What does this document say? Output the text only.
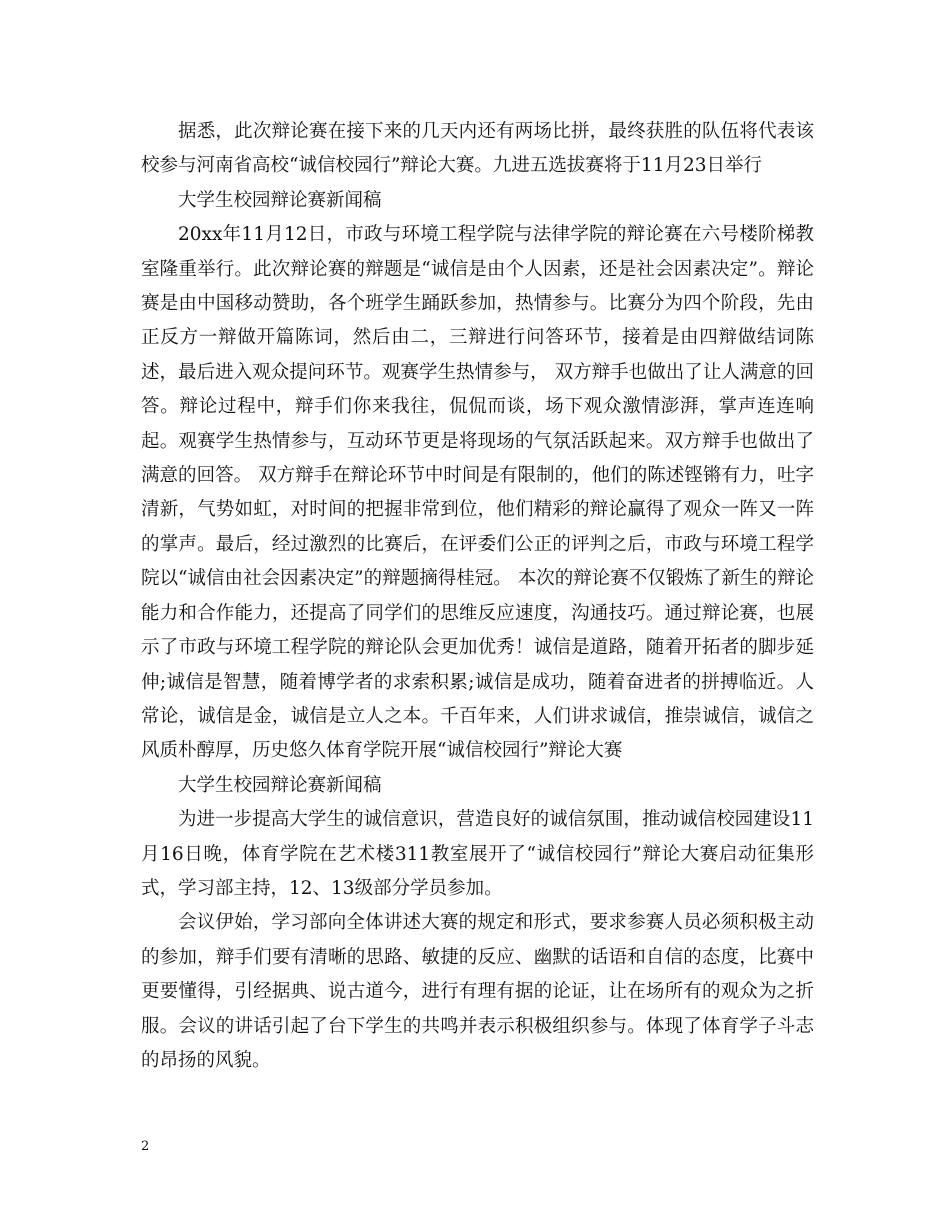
据悉，此次辩论赛在接下来的几天内还有两场比拼，最终获胜的队伍将代表该校参与河南省高校“诚信校园行”辩论大赛。九进五选拔赛将于11月23日举行

大学生校园辩论赛新闻稿

20xx年11月12日，市政与环境工程学院与法律学院的辩论赛在六号楼阶梯教室隆重举行。此次辩论赛的辩题是“诚信是由个人因素，还是社会因素决定”。辩论赛是由中国移动赞助，各个班学生踊跃参加，热情参与。比赛分为四个阶段，先由正反方一辩做开篇陈词，然后由二，三辩进行问答环节，接着是由四辩做结词陈述，最后进入观众提问环节。观赛学生热情参与， 双方辩手也做出了让人满意的回答。辩论过程中，辩手们你来我往，侃侃而谈，场下观众激情澎湃，掌声连连响起。观赛学生热情参与，互动环节更是将现场的气氛活跃起来。双方辩手也做出了满意的回答。 双方辩手在辩论环节中时间是有限制的，他们的陈述铿锵有力，吐字清新，气势如虹，对时间的把握非常到位，他们精彩的辩论赢得了观众一阵又一阵的掌声。最后，经过激烈的比赛后，在评委们公正的评判之后，市政与环境工程学院以“诚信由社会因素决定”的辩题摘得桂冠。 本次的辩论赛不仅锻炼了新生的辩论能力和合作能力，还提高了同学们的思维反应速度，沟通技巧。通过辩论赛，也展示了市政与环境工程学院的辩论队会更加优秀！诚信是道路，随着开拓者的脚步延伸;诚信是智慧，随着博学者的求索积累;诚信是成功，随着奋进者的拼搏临近。人常论，诚信是金，诚信是立人之本。千百年来，人们讲求诚信，推崇诚信，诚信之风质朴醇厚，历史悠久体育学院开展“诚信校园行”辩论大赛

大学生校园辩论赛新闻稿

为进一步提高大学生的诚信意识，营造良好的诚信氛围，推动诚信校园建设11月16日晚，体育学院在艺术楼311教室展开了“诚信校园行”辩论大赛启动征集形式，学习部主持，12、13级部分学员参加。

会议伊始，学习部向全体讲述大赛的规定和形式，要求参赛人员必须积极主动的参加，辩手们要有清晰的思路、敏捷的反应、幽默的话语和自信的态度，比赛中更要懂得，引经据典、说古道今，进行有理有据的论证，让在场所有的观众为之折服。会议的讲话引起了台下学生的共鸣并表示积极组织参与。体现了体育学子斗志的昂扬的风貌。

2
